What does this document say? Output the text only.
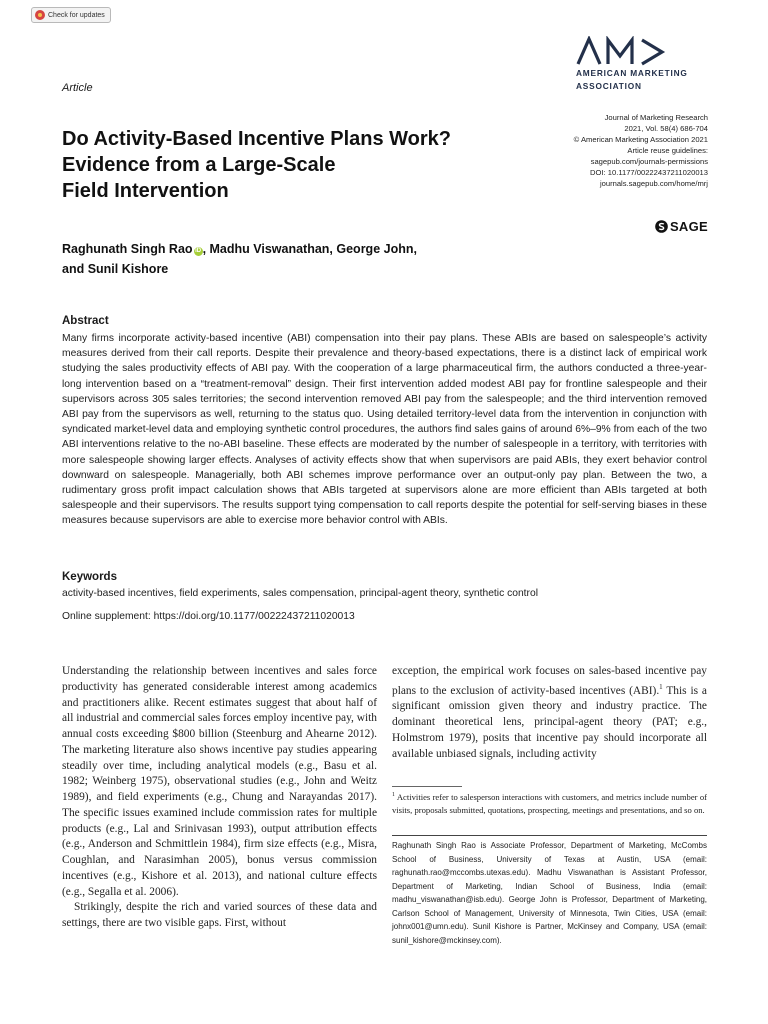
Check for updates
AMERICAN MARKETING
ASSOCIATION
Article
Journal of Marketing Research
2021, Vol. 58(4) 686-704
© American Marketing Association 2021
Article reuse guidelines:
sagepub.com/journals-permissions
DOI: 10.1177/00222437211020013
journals.sagepub.com/home/mrj
SAGE
Do Activity-Based Incentive Plans Work?
Evidence from a Large-Scale
Field Intervention
Raghunath Singh Rao iD , Madhu Viswanathan, George John,
and Sunil Kishore
Abstract

Many firms incorporate activity-based incentive (ABI) compensation into their pay plans. These ABIs are based on salespeople’s activity measures derived from their call reports. Despite their prevalence and theory-based expectations, there is a distinct lack of empirical work studying the sales productivity effects of ABI pay. With the cooperation of a large pharmaceutical firm, the authors conducted a three-year-long intervention based on a “treatment-removal” design. Their first intervention added modest ABI pay for frontline salespeople and their supervisors across 305 sales territories; the second intervention removed ABI pay from the salespeople; and the third intervention removed ABI pay from the supervisors as well, returning to the status quo. Using detailed territory-level data from the intervention in conjunction with syndicated market-level data and employing synthetic control procedures, the authors find sales gains of around 6%–9% from each of the two ABI interventions relative to the no-ABI baseline. These effects are moderated by the number of salespeople in a territory, with territories with more salespeople showing larger effects. Analyses of activity effects show that when supervisors are paid ABIs, they exert behavior control downward on salespeople. Managerially, both ABI schemes improve performance over an output-only pay plan. Between the two, a rudimentary gross profit impact calculation shows that ABIs targeted at supervisors alone are more efficient than ABIs targeted at both salespeople and their supervisors. The results support tying compensation to call reports despite the potential for self-serving biases in these measures because supervisors are able to exercise more behavior control with ABIs.

Keywords
activity-based incentives, field experiments, sales compensation, principal-agent theory, synthetic control
Online supplement: https://doi.org/10.1177/00222437211020013

Understanding the relationship between incentives and sales force productivity has generated considerable interest among academics and practitioners alike. Recent estimates suggest that about half of all industrial and commercial sales forces employ incentive pay, with annual costs exceeding $800 billion (Steenburg and Ahearne 2012). The marketing literature also shows incentive pay studies appearing steadily over time, including analytical models (e.g., Basu et al. 1982; Weinberg 1975), observational studies (e.g., John and Weitz 1989), and field experiments (e.g., Chung and Narayandas 2017). The specific issues examined include commission rates for multiple products (e.g., Lal and Srinivasan 1993), output attribution effects (e.g., Anderson and Schmittlein 1984), firm size effects (e.g., Misra, Coughlan, and Narasimhan 2005), bonus versus commission incentives (e.g., Kishore et al. 2013), and national culture effects (e.g., Segalla et al. 2006).

Strikingly, despite the rich and varied sources of these data and settings, there are two visible gaps. First, without

exception, the empirical work focuses on sales-based incentive pay plans to the exclusion of activity-based incentives (ABI).$^1$ This is a significant omission given theory and industry practice. The dominant theoretical lens, principal-agent theory (PAT; e.g., Holmstrom 1979), posits that incentive pay should incorporate all available unbiased signals, including activity

$^1$ Activities refer to salesperson interactions with customers, and metrics include number of visits, proposals submitted, quotations, prospecting, meetings and presentations, and so on.

Raghunath Singh Rao is Associate Professor, Department of Marketing, McCombs School of Business, University of Texas at Austin, USA (email: raghunath.rao@mccombs.utexas.edu). Madhu Viswanathan is Assistant Professor, Department of Marketing, Indian School of Business, India (email: madhu_viswanathan@isb.edu). George John is Professor, Department of Marketing, Carlson School of Management, University of Minnesota, Twin Cities, USA (email: johnx001@umn.edu). Sunil Kishore is Partner, McKinsey and Company, USA (email: sunil_kishore@mckinsey.com).
